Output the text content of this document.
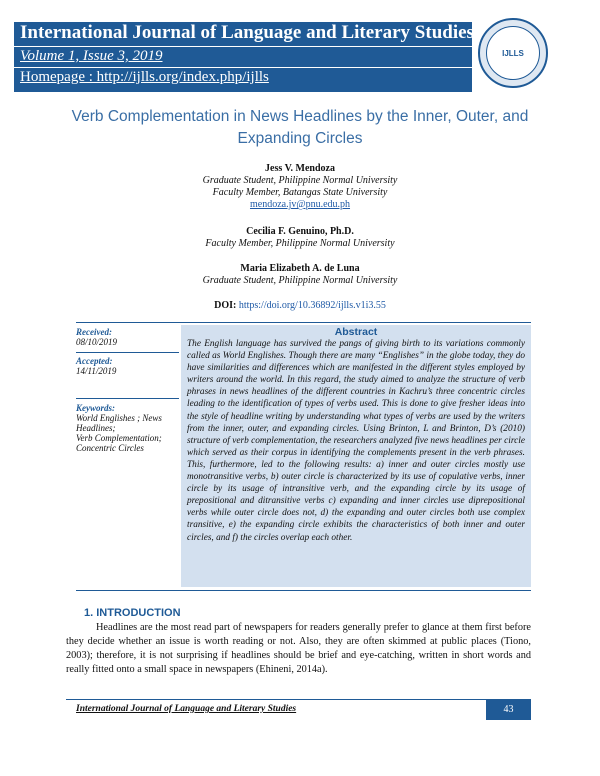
International Journal of Language and Literary Studies
Volume 1, Issue 3, 2019
Homepage : http://ijlls.org/index.php/ijlls
IJLLS
Verb Complementation in News Headlines by the Inner, Outer, and
Expanding Circles
Jess V. Mendoza
Graduate Student, Philippine Normal University
Faculty Member, Batangas State University
mendoza.jv@pnu.edu.ph
Cecilia F. Genuino, Ph.D.
Faculty Member, Philippine Normal University
Maria Elizabeth A. de Luna
Graduate Student, Philippine Normal University
DOI: https://doi.org/10.36892/ijlls.v1i3.55
Received:
08/10/2019
Accepted:
14/11/2019
Keywords:
World Englishes ; News
Headlines;
Verb Complementation;
Concentric Circles
Abstract
The English language has survived the pangs of giving birth to its variations commonly called as World Englishes. Though there are many “Englishes” in the globe today, they do have similarities and differences which are manifested in the different styles employed by writers around the world. In this regard, the study aimed to analyze the structure of verb phrases in news headlines of the different countries in Kachru’s three concentric circles leading to the identification of types of verbs used. This is done to give fresher ideas into the style of headline writing by understanding what types of verbs are used by the writers from the inner, outer, and expanding circles. Using Brinton, L and Brinton, D’s (2010) structure of verb complementation, the researchers analyzed five news headlines per circle which served as their corpus in identifying the complements present in the verb phrases. This, furthermore, led to the following results: a) inner and outer circles mostly use monotransitive verbs, b) outer circle is characterized by its use of copulative verbs, inner circle by its usage of intransitive verb, and the expanding circle by its usage of prepositional and ditransitive verbs c) expanding and inner circles use diprepositional verbs while outer circle does not, d) the expanding and outer circles both use complex transitive, e) the expanding circle exhibits the characteristics of both inner and outer circles, and f) the circles overlap each other.
1. INTRODUCTION
Headlines are the most read part of newspapers for readers generally prefer to glance at them first before they decide whether an issue is worth reading or not. Also, they are often skimmed at public places (Tiono, 2003); therefore, it is not surprising if headlines should be brief and eye-catching, written in short words and really fitted onto a small space in newspapers (Ehineni, 2014a).
International Journal of Language and Literary Studies	43
